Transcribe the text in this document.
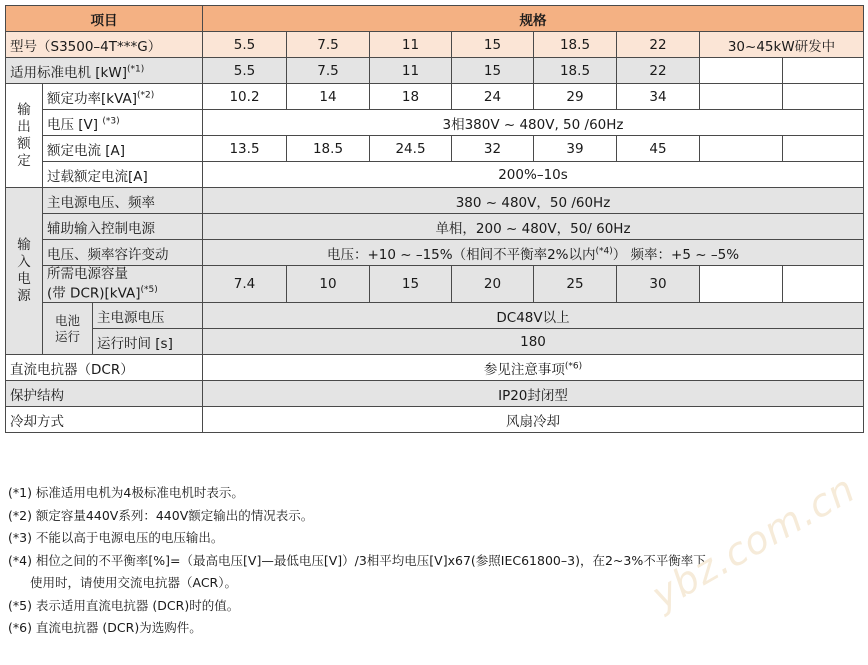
项目			规格							
型号（S3500–4T***G）			5.5	7.5	11	15	18.5	22	30~45kW研发中	
适用标准电机 [kW]$^{(*1)}$			5.5	7.5	11	15	18.5	22		

输出额定	额定功率[kVA]$^{(*2)}$		10.2	14	18	24	29	34		
	电压 [V] $^{(*3)}$		3相380V ~ 480V, 50 /60Hz							
	额定电流 [A]		13.5	18.5	24.5	32	39	45		
	过载额定电流[A]		200%–10s							

输入电源	主电源电压、频率		380 ~ 480V，50 /60Hz							
	辅助输入控制电源		单相，200 ~ 480V，50/ 60Hz							
	电压、频率容许变动		电压：+10 ~ –15%（相间不平衡率2%以内$^{(*4)}$） 频率：+5 ~ –5%							
	所需电源容量
(带 DCR)[kVA]$^{(*5)}$		7.4	10	15	20	25	30		

	电池运行	主电源电压	DC48V以上							
		运行时间 [s]	180							
直流电抗器（DCR）			参见注意事项$^{(*6)}$
保护结构			IP20封闭型							
冷却方式			风扇冷却							
(*1) 标准适用电机为4极标准电机时表示。
(*2) 额定容量440V系列：440V额定输出的情况表示。
(*3) 不能以高于电源电压的电压输出。
(*4) 相位之间的不平衡率[%]=（最高电压[V]—最低电压[V]）/3相平均电压[V]x67(参照IEC61800–3)，在2~3%不平衡率下
使用时，请使用交流电抗器（ACR）。
(*5) 表示适用直流电抗器 (DCR)时的值。
(*6) 直流电抗器 (DCR)为选购件。
ybz.com.cn
